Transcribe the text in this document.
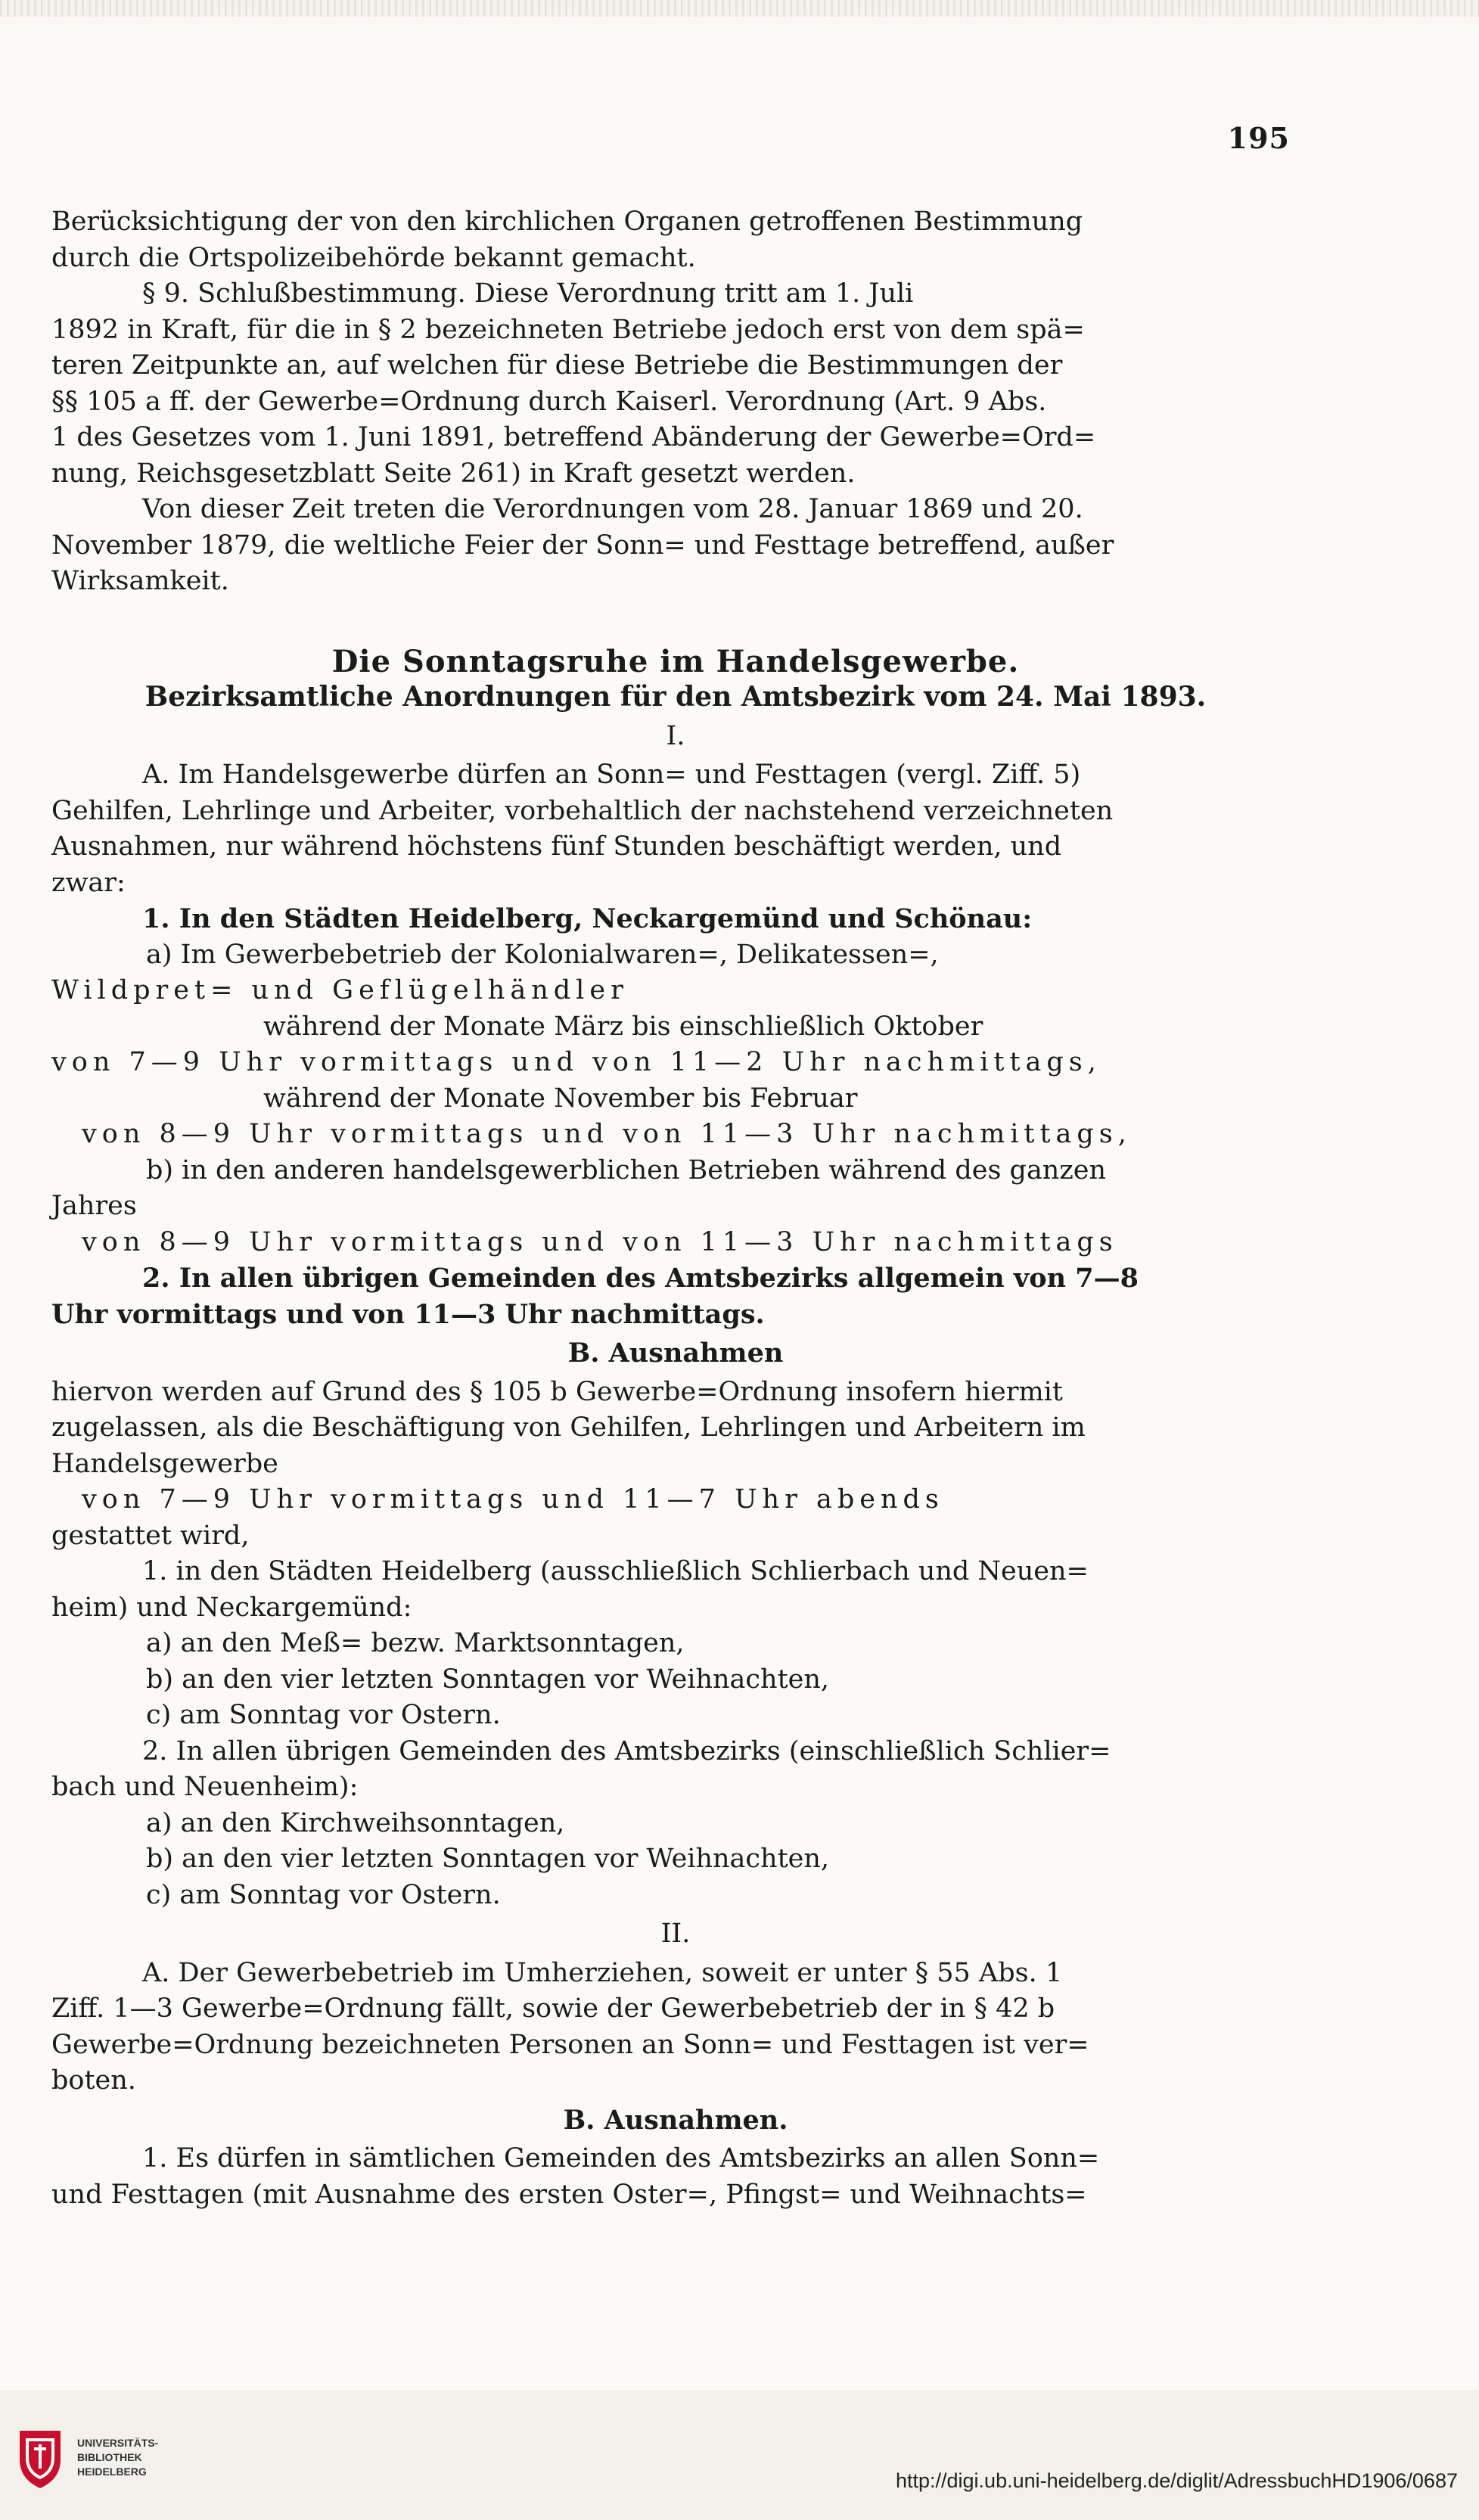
195

Berücksichtigung der von den kirchlichen Organen getroffenen Bestimmung

durch die Ortspolizeibehörde bekannt gemacht.

§ 9. Schlußbestimmung. Diese Verordnung tritt am 1. Juli

1892 in Kraft, für die in § 2 bezeichneten Betriebe jedoch erst von dem spä=

teren Zeitpunkte an, auf welchen für diese Betriebe die Bestimmungen der

§§ 105 a ff. der Gewerbe=Ordnung durch Kaiserl. Verordnung (Art. 9 Abs.

1 des Gesetzes vom 1. Juni 1891, betreffend Abänderung der Gewerbe=Ord=

nung, Reichsgesetzblatt Seite 261) in Kraft gesetzt werden.

Von dieser Zeit treten die Verordnungen vom 28. Januar 1869 und 20.

November 1879, die weltliche Feier der Sonn= und Festtage betreffend, außer

Wirksamkeit.

Die Sonntagsruhe im Handelsgewerbe.

Bezirksamtliche Anordnungen für den Amtsbezirk vom 24. Mai 1893.

I.

A. Im Handelsgewerbe dürfen an Sonn= und Festtagen (vergl. Ziff. 5)

Gehilfen, Lehrlinge und Arbeiter, vorbehaltlich der nachstehend verzeichneten

Ausnahmen, nur während höchstens fünf Stunden beschäftigt werden, und

zwar:

1. In den Städten Heidelberg, Neckargemünd und Schönau:

a) Im Gewerbebetrieb der Kolonialwaren=, Delikatessen=,

Wildpret= und Geflügelhändler

während der Monate März bis einschließlich Oktober

von 7—9 Uhr vormittags und von 11—2 Uhr nachmittags,

während der Monate November bis Februar

von 8—9 Uhr vormittags und von 11—3 Uhr nachmittags,

b) in den anderen handelsgewerblichen Betrieben während des ganzen

Jahres

von 8—9 Uhr vormittags und von 11—3 Uhr nachmittags

2. In allen übrigen Gemeinden des Amtsbezirks allgemein von 7—8

Uhr vormittags und von 11—3 Uhr nachmittags.

B. Ausnahmen

hiervon werden auf Grund des § 105 b Gewerbe=Ordnung insofern hiermit

zugelassen, als die Beschäftigung von Gehilfen, Lehrlingen und Arbeitern im

Handelsgewerbe

von 7—9 Uhr vormittags und 11—7 Uhr abends

gestattet wird,

1. in den Städten Heidelberg (ausschließlich Schlierbach und Neuen=

heim) und Neckargemünd:

a) an den Meß= bezw. Marktsonntagen,

b) an den vier letzten Sonntagen vor Weihnachten,

c) am Sonntag vor Ostern.

2. In allen übrigen Gemeinden des Amtsbezirks (einschließlich Schlier=

bach und Neuenheim):

a) an den Kirchweihsonntagen,

b) an den vier letzten Sonntagen vor Weihnachten,

c) am Sonntag vor Ostern.

II.

A. Der Gewerbebetrieb im Umherziehen, soweit er unter § 55 Abs. 1

Ziff. 1—3 Gewerbe=Ordnung fällt, sowie der Gewerbebetrieb der in § 42 b

Gewerbe=Ordnung bezeichneten Personen an Sonn= und Festtagen ist ver=

boten.

B. Ausnahmen.

1. Es dürfen in sämtlichen Gemeinden des Amtsbezirks an allen Sonn=

und Festtagen (mit Ausnahme des ersten Oster=, Pfingst= und Weihnachts=

UNIVERSITÄTS-
BIBLIOTHEK
HEIDELBERG	http://digi.ub.uni-heidelberg.de/diglit/AdressbuchHD1906/0687
